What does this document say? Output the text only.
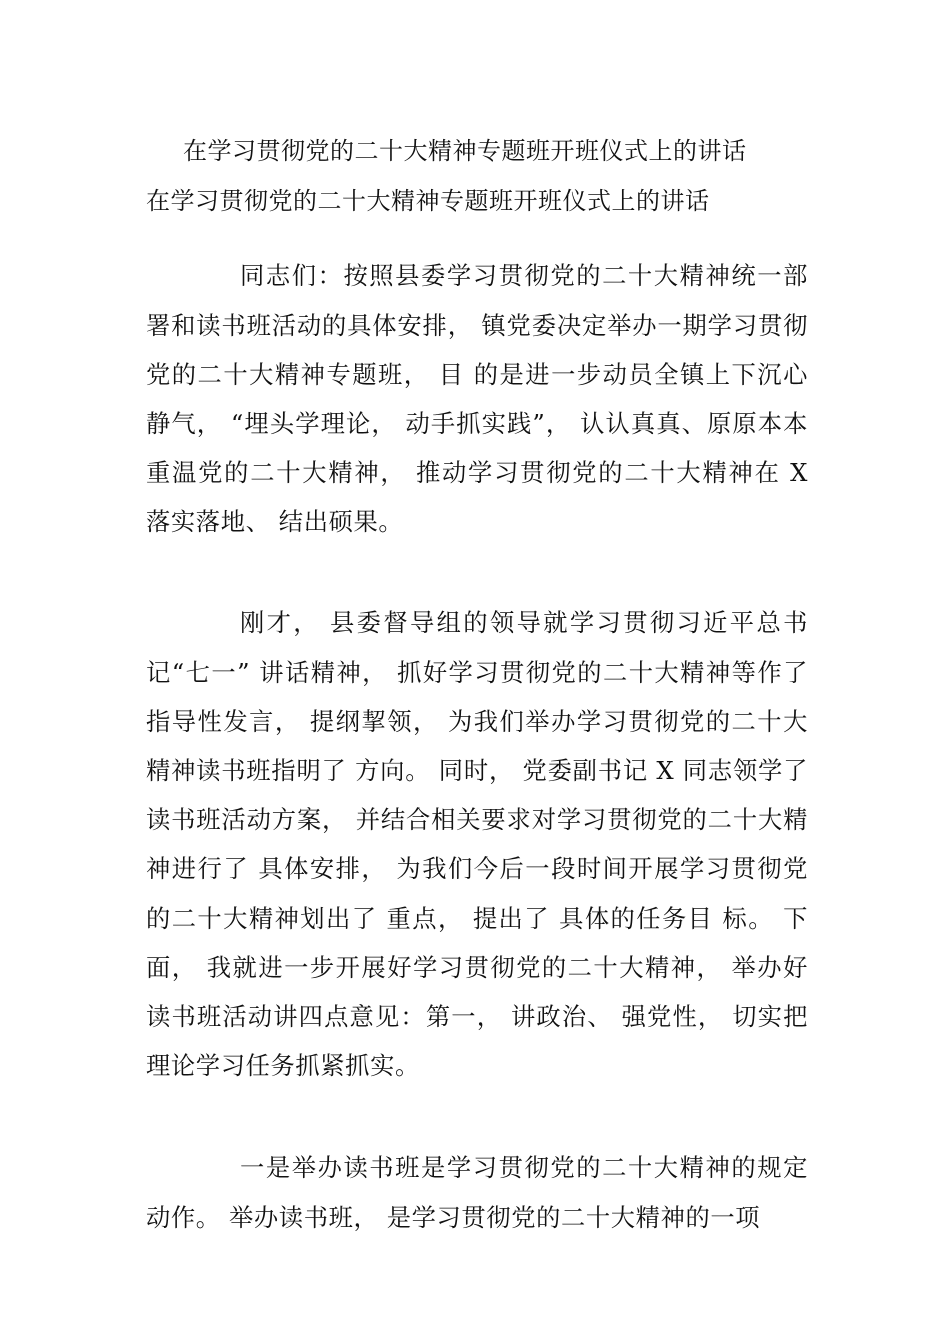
在学习贯彻党的二十大精神专题班开班仪式上的讲话
在学习贯彻党的二十大精神专题班开班仪式上的讲话

同志们：按照县委学习贯彻党的二十大精神统一部署和读书班活动的具体安排， 镇党委决定举办一期学习贯彻党的二十大精神专题班， 目 的是进一步动员全镇上下沉心静气， “埋头学理论， 动手抓实践”， 认认真真、原原本本重温党的二十大精神， 推动学习贯彻党的二十大精神在 X 落实落地、 结出硕果。

刚才， 县委督导组的领导就学习贯彻习近平总书记“七一” 讲话精神， 抓好学习贯彻党的二十大精神等作了 指导性发言， 提纲挈领， 为我们举办学习贯彻党的二十大精神读书班指明了 方向。 同时， 党委副书记 X 同志领学了 读书班活动方案， 并结合相关要求对学习贯彻党的二十大精神进行了 具体安排， 为我们今后一段时间开展学习贯彻党的二十大精神划出了 重点， 提出了 具体的任务目 标。 下面， 我就进一步开展好学习贯彻党的二十大精神， 举办好读书班活动讲四点意见：第一， 讲政治、 强党性， 切实把理论学习任务抓紧抓实。

一是举办读书班是学习贯彻党的二十大精神的规定动作。 举办读书班， 是学习贯彻党的二十大精神的一项
